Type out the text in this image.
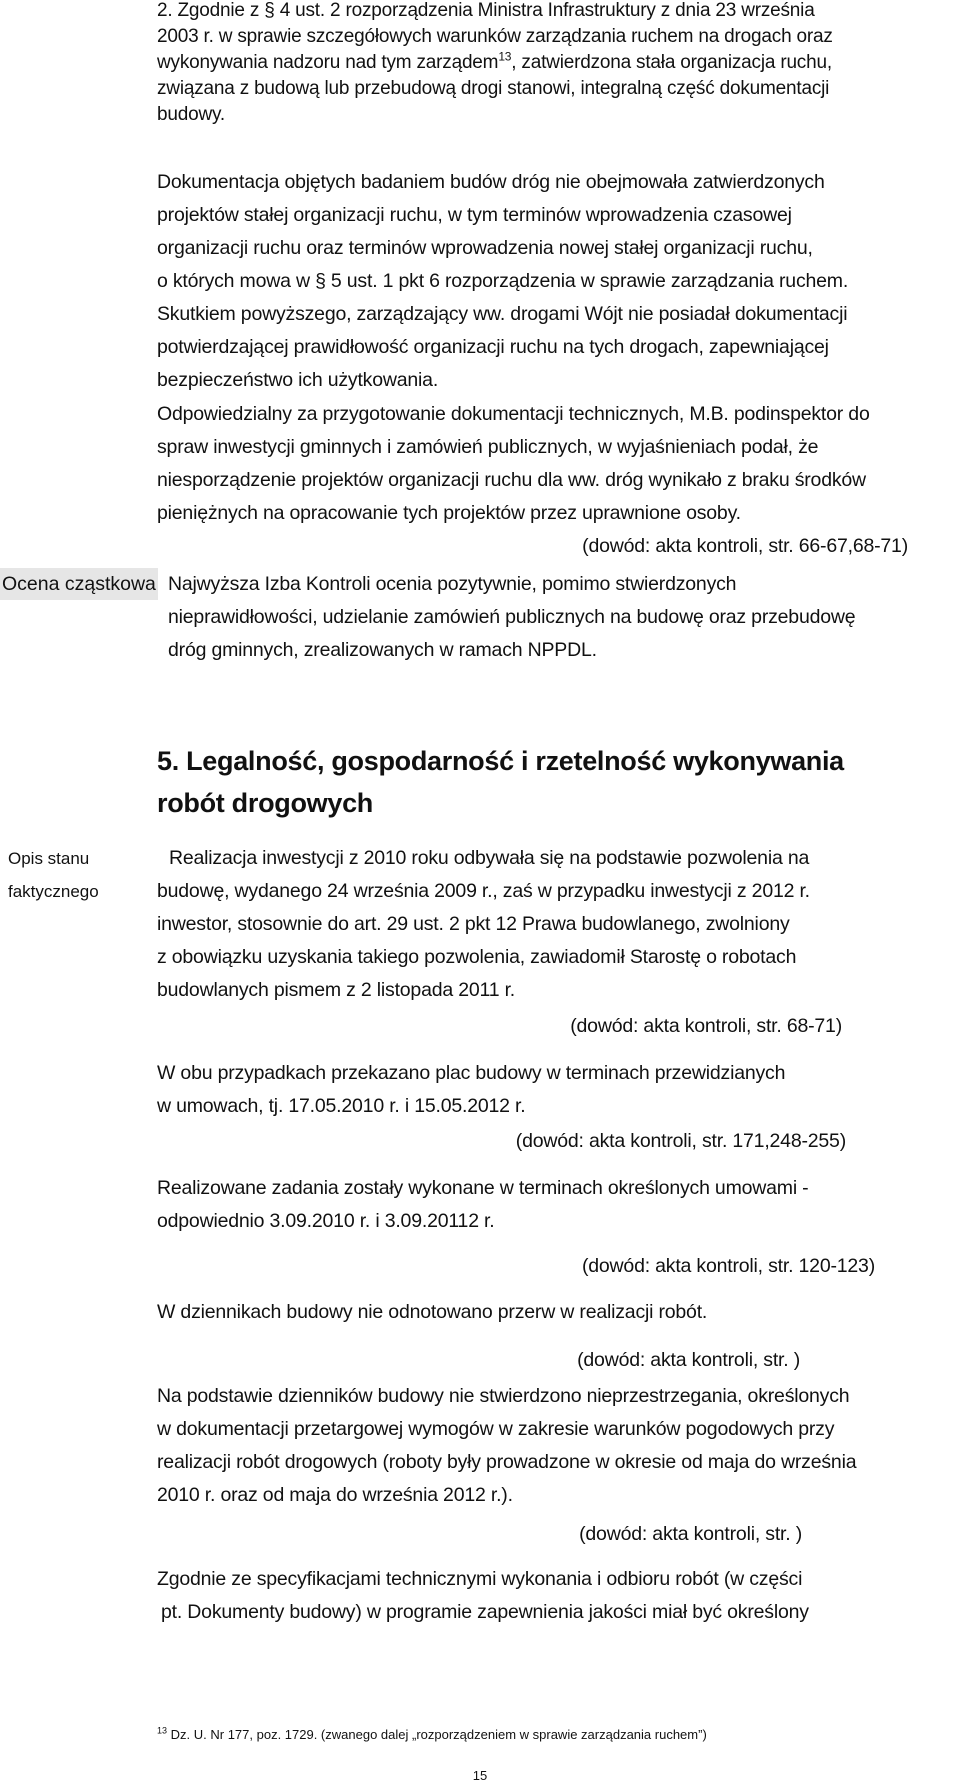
2. Zgodnie z § 4 ust. 2 rozporządzenia Ministra Infrastruktury z dnia 23 września
2003 r. w sprawie szczegółowych warunków zarządzania ruchem na drogach oraz
wykonywania nadzoru nad tym zarządem$^{13}$, zatwierdzona stała organizacja ruchu,
związana z budową lub przebudową drogi stanowi, integralną część dokumentacji
budowy.
Dokumentacja objętych badaniem budów dróg nie obejmowała zatwierdzonych
projektów stałej organizacji ruchu, w tym terminów wprowadzenia czasowej
organizacji ruchu oraz terminów wprowadzenia nowej stałej organizacji ruchu,
o których mowa w § 5 ust. 1 pkt 6 rozporządzenia w sprawie zarządzania ruchem.
Skutkiem powyższego, zarządzający ww. drogami Wójt nie posiadał dokumentacji
potwierdzającej prawidłowość organizacji ruchu na tych drogach, zapewniającej
bezpieczeństwo ich użytkowania.
Odpowiedzialny za przygotowanie dokumentacji technicznych, M.B. podinspektor do
spraw inwestycji gminnych i zamówień publicznych, w wyjaśnieniach podał, że
niesporządzenie projektów organizacji ruchu dla ww. dróg wynikało z braku środków
pieniężnych na opracowanie tych projektów przez uprawnione osoby.
(dowód: akta kontroli, str. 66-67,68-71)
Ocena cząstkowa Najwyższa Izba Kontroli ocenia pozytywnie, pomimo stwierdzonych
nieprawidłowości, udzielanie zamówień publicznych na budowę oraz przebudowę
dróg gminnych, zrealizowanych w ramach NPPDL.
5. Legalność, gospodarność i rzetelność wykonywania
robót drogowych
Opis stanu
faktycznego
Realizacja inwestycji z 2010 roku odbywała się na podstawie pozwolenia na
budowę, wydanego 24 września 2009 r., zaś w przypadku inwestycji z 2012 r.
inwestor, stosownie do art. 29 ust. 2 pkt 12 Prawa budowlanego, zwolniony
z obowiązku uzyskania takiego pozwolenia, zawiadomił Starostę o robotach
budowlanych pismem z 2 listopada 2011 r.
(dowód: akta kontroli, str. 68-71)
W obu przypadkach przekazano plac budowy w terminach przewidzianych
w umowach, tj. 17.05.2010 r. i 15.05.2012 r.
(dowód: akta kontroli, str. 171,248-255)
Realizowane zadania zostały wykonane w terminach określonych umowami -
odpowiednio 3.09.2010 r. i 3.09.20112 r.
(dowód: akta kontroli, str. 120-123)
W dziennikach budowy nie odnotowano przerw w realizacji robót.
(dowód: akta kontroli, str. )
Na podstawie dzienników budowy nie stwierdzono nieprzestrzegania, określonych
w dokumentacji przetargowej wymogów w zakresie warunków pogodowych przy
realizacji robót drogowych (roboty były prowadzone w okresie od maja do września
2010 r. oraz od maja do września 2012 r.).
(dowód: akta kontroli, str. )
Zgodnie ze specyfikacjami technicznymi wykonania i odbioru robót (w części
pt. Dokumenty budowy) w programie zapewnienia jakości miał być określony
$^{13}$ Dz. U. Nr 177, poz. 1729. (zwanego dalej „rozporządzeniem w sprawie zarządzania ruchem”)
15
